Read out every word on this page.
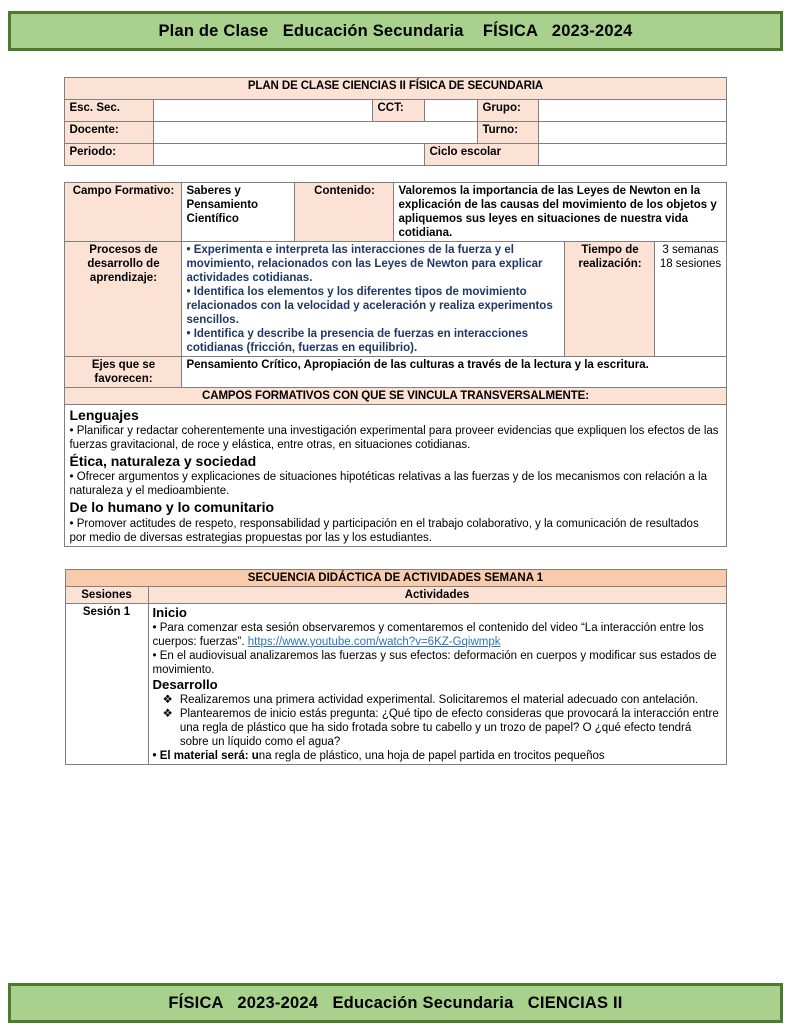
Plan de Clase   Educación Secundaria    FÍSICA   2023-2024
PLAN DE CLASE CIENCIAS II FÍSICA DE SECUNDARIA					
Esc. Sec.		CCT:		Grupo:	
Docente:				Turno:	
Periodo:			Ciclo escolar		
Campo Formativo:	Saberes y Pensamiento Científico	Contenido:	Valoremos la importancia de las Leyes de Newton en la explicación de las causas del movimiento de los objetos y apliquemos sus leyes en situaciones de nuestra vida cotidiana.		
Procesos de desarrollo de aprendizaje:	• Experimenta e interpreta las interacciones de la fuerza y el movimiento, relacionados con las Leyes de Newton para explicar actividades cotidianas.

• Identifica los elementos y los diferentes tipos de movimiento relacionados con la velocidad y aceleración y realiza experimentos sencillos.

• Identifica y describe la presencia de fuerzas en interacciones cotidianas (fricción, fuerzas en equilibrio).			Tiempo de realización:	3 semanas 18 sesiones
Ejes que se favorecen:	Pensamiento Crítico, Apropiación de las culturas a través de la lectura y la escritura.				
CAMPOS FORMATIVOS CON QUE SE VINCULA TRANSVERSALMENTE:					

Lenguajes

• Planificar y redactar coherentemente una investigación experimental para proveer evidencias que expliquen los efectos de las fuerzas gravitacional, de roce y elástica, entre otras, en situaciones cotidianas.

Ética, naturaleza y sociedad

• Ofrecer argumentos y explicaciones de situaciones hipotéticas relativas a las fuerzas y de los mecanismos con relación a la naturaleza y el medioambiente.

De lo humano y lo comunitario

• Promover actitudes de respeto, responsabilidad y participación en el trabajo colaborativo, y la comunicación de resultados

por medio de diversas estrategias propuestas por las y los estudiantes.

SECUENCIA DIDÁCTICA DE ACTIVIDADES SEMANA 1	
Sesiones	Actividades
Sesión 1	Inicio

• Para comenzar esta sesión observaremos y comentaremos el contenido del video “La interacción entre los cuerpos: fuerzas”. https://www.youtube.com/watch?v=6KZ-Gqiwmpk

• En el audiovisual analizaremos las fuerzas y sus efectos: deformación en cuerpos y modificar sus estados de movimiento.

Desarrollo

❖ Realizaremos una primera actividad experimental. Solicitaremos el material adecuado con antelación.
❖ Plantearemos de inicio estás pregunta: ¿Qué tipo de efecto consideras que provocará la interacción entre una regla de plástico que ha sido frotada sobre tu cabello y un trozo de papel? O ¿qué efecto tendrá sobre un líquido como el agua?

• El material será: una regla de plástico, una hoja de papel partida en trocitos pequeños

FÍSICA   2023-2024   Educación Secundaria   CIENCIAS II
